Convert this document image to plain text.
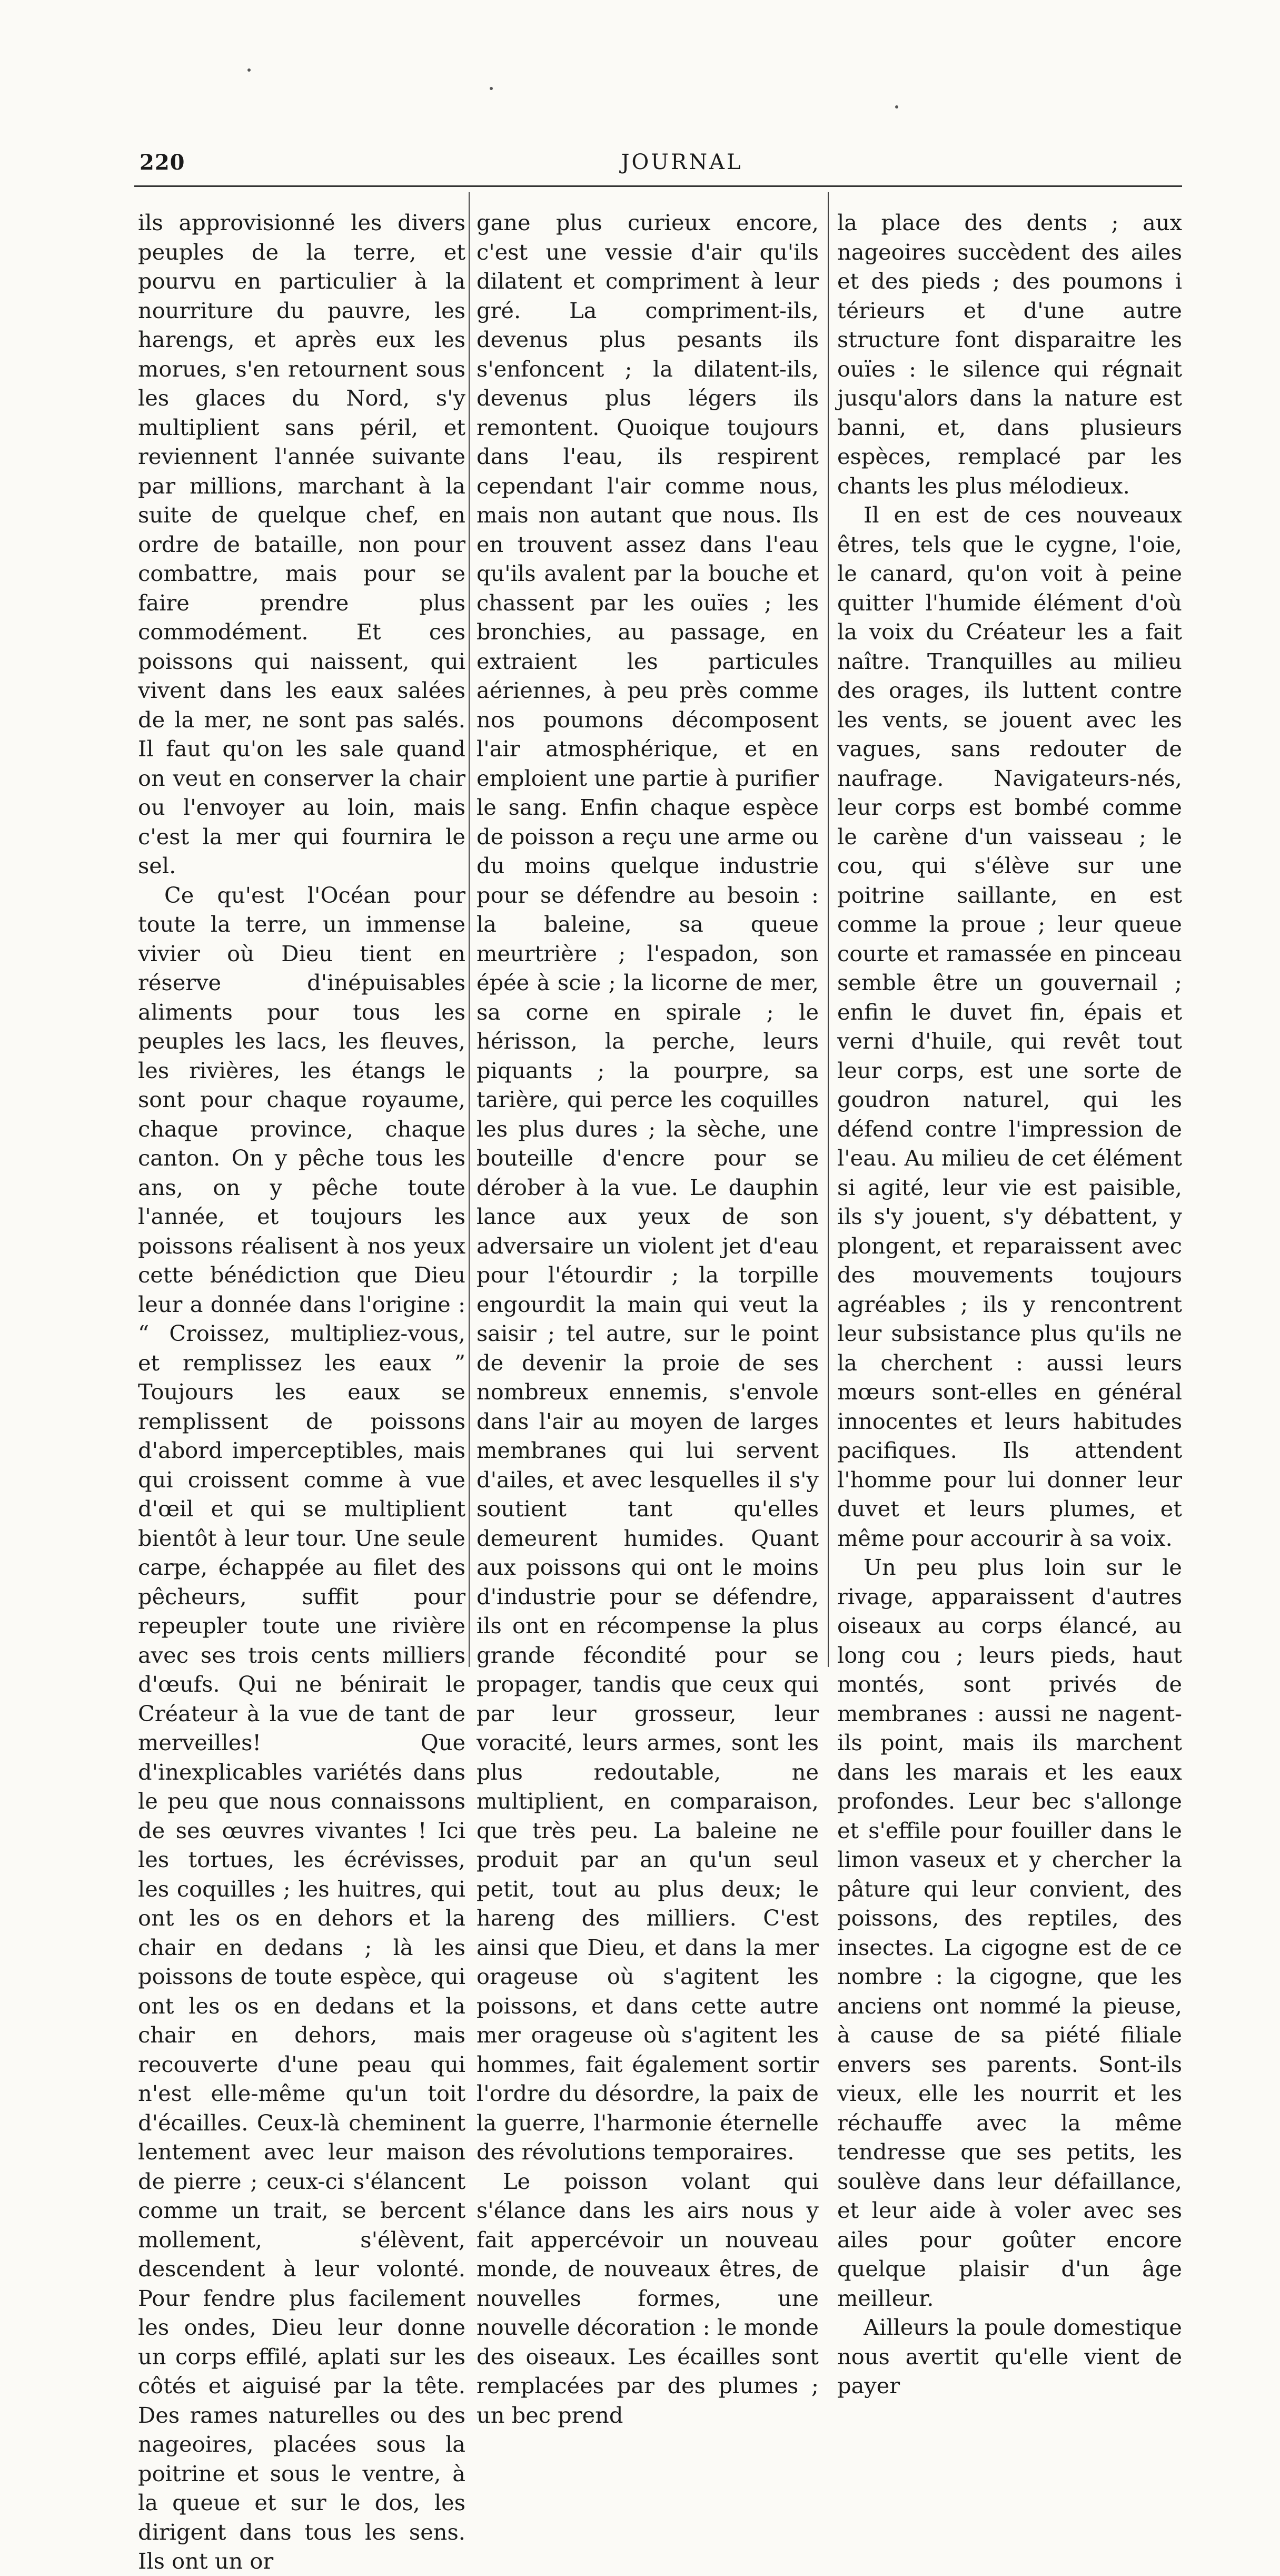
220	JOURNAL

ils approvisionné les divers peuples de la terre, et pourvu en particulier à la nourriture du pauvre, les harengs, et après eux les morues, s'en retournent sous les glaces du Nord, s'y multiplient sans péril, et reviennent l'année suivante par millions, marchant à la suite de quelque chef, en ordre de bataille, non pour combattre, mais pour se faire prendre plus commodément. Et ces poissons qui naissent, qui vivent dans les eaux salées de la mer, ne sont pas salés. Il faut qu'on les sale quand on veut en conserver la chair ou l'envoyer au loin, mais c'est la mer qui fournira le sel.

Ce qu'est l'Océan pour toute la terre, un immense vivier où Dieu tient en réserve d'inépuisables aliments pour tous les peuples les lacs, les fleuves, les rivières, les étangs le sont pour chaque royaume, chaque province, chaque canton. On y pêche tous les ans, on y pêche toute l'année, et toujours les poissons réalisent à nos yeux cette bénédiction que Dieu leur a donnée dans l'origine : “ Croissez, multipliez-vous, et remplissez les eaux ” Toujours les eaux se remplissent de poissons d'abord imperceptibles, mais qui croissent comme à vue d'œil et qui se multiplient bientôt à leur tour. Une seule carpe, échappée au filet des pêcheurs, suffit pour repeupler toute une rivière avec ses trois cents milliers d'œufs. Qui ne bénirait le Créateur à la vue de tant de merveilles! Que d'inexplicables variétés dans le peu que nous connaissons de ses œuvres vivantes ! Ici les tortues, les écrévisses, les coquilles ; les huitres, qui ont les os en dehors et la chair en dedans ; là les poissons de toute espèce, qui ont les os en dedans et la chair en dehors, mais recouverte d'une peau qui n'est elle-même qu'un toit d'écailles. Ceux-là cheminent lentement avec leur maison de pierre ; ceux-ci s'élancent comme un trait, se bercent mollement, s'élèvent, descendent à leur volonté. Pour fendre plus facilement les ondes, Dieu leur donne un corps effilé, aplati sur les côtés et aiguisé par la tête. Des rames naturelles ou des nageoires, placées sous la poitrine et sous le ventre, à la queue et sur le dos, les dirigent dans tous les sens. Ils ont un or

gane plus curieux encore, c'est une vessie d'air qu'ils dilatent et compriment à leur gré. La compriment-ils, devenus plus pesants ils s'enfoncent ; la dilatent-ils, devenus plus légers ils remontent. Quoique toujours dans l'eau, ils respirent cependant l'air comme nous, mais non autant que nous. Ils en trouvent assez dans l'eau qu'ils avalent par la bouche et chassent par les ouïes ; les bronchies, au passage, en extraient les particules aériennes, à peu près comme nos poumons décomposent l'air atmosphérique, et en emploient une partie à purifier le sang. Enfin chaque espèce de poisson a reçu une arme ou du moins quelque industrie pour se défendre au besoin : la baleine, sa queue meurtrière ; l'espadon, son épée à scie ; la licorne de mer, sa corne en spirale ; le hérisson, la perche, leurs piquants ; la pourpre, sa tarière, qui perce les coquilles les plus dures ; la sèche, une bouteille d'encre pour se dérober à la vue. Le dauphin lance aux yeux de son adversaire un violent jet d'eau pour l'étourdir ; la torpille engourdit la main qui veut la saisir ; tel autre, sur le point de devenir la proie de ses nombreux ennemis, s'envole dans l'air au moyen de larges membranes qui lui servent d'ailes, et avec lesquelles il s'y soutient tant qu'elles demeurent humides. Quant aux poissons qui ont le moins d'industrie pour se défendre, ils ont en récompense la plus grande fécondité pour se propager, tandis que ceux qui par leur grosseur, leur voracité, leurs armes, sont les plus redoutable, ne multiplient, en comparaison, que très peu. La baleine ne produit par an qu'un seul petit, tout au plus deux; le hareng des milliers. C'est ainsi que Dieu, et dans la mer orageuse où s'agitent les poissons, et dans cette autre mer orageuse où s'agitent les hommes, fait également sortir l'ordre du désordre, la paix de la guerre, l'harmonie éternelle des révolutions temporaires.

Le poisson volant qui s'élance dans les airs nous y fait appercévoir un nouveau monde, de nouveaux êtres, de nouvelles formes, une nouvelle décoration : le monde des oiseaux. Les écailles sont remplacées par des plumes ; un bec prend

la place des dents ; aux nageoires succèdent des ailes et des pieds ; des poumons i térieurs et d'une autre structure font disparaitre les ouïes : le silence qui régnait jusqu'alors dans la nature est banni, et, dans plusieurs espèces, remplacé par les chants les plus mélodieux.

Il en est de ces nouveaux êtres, tels que le cygne, l'oie, le canard, qu'on voit à peine quitter l'humide élément d'où la voix du Créateur les a fait naître. Tranquilles au milieu des orages, ils luttent contre les vents, se jouent avec les vagues, sans redouter de naufrage. Navigateurs-nés, leur corps est bombé comme le carène d'un vaisseau ; le cou, qui s'élève sur une poitrine saillante, en est comme la proue ; leur queue courte et ramassée en pinceau semble être un gouvernail ; enfin le duvet fin, épais et verni d'huile, qui revêt tout leur corps, est une sorte de goudron naturel, qui les défend contre l'impression de l'eau. Au milieu de cet élément si agité, leur vie est paisible, ils s'y jouent, s'y débattent, y plongent, et reparaissent avec des mouvements toujours agréables ; ils y rencontrent leur subsistance plus qu'ils ne la cherchent : aussi leurs mœurs sont-elles en général innocentes et leurs habitudes pacifiques. Ils attendent l'homme pour lui donner leur duvet et leurs plumes, et même pour accourir à sa voix.

Un peu plus loin sur le rivage, apparaissent d'autres oiseaux au corps élancé, au long cou ; leurs pieds, haut montés, sont privés de membranes : aussi ne nagent-ils point, mais ils marchent dans les marais et les eaux profondes. Leur bec s'allonge et s'effile pour fouiller dans le limon vaseux et y chercher la pâture qui leur convient, des poissons, des reptiles, des insectes. La cigogne est de ce nombre : la cigogne, que les anciens ont nommé la pieuse, à cause de sa piété filiale envers ses parents. Sont-ils vieux, elle les nourrit et les réchauffe avec la même tendresse que ses petits, les soulève dans leur défaillance, et leur aide à voler avec ses ailes pour goûter encore quelque plaisir d'un âge meilleur.

Ailleurs la poule domestique nous avertit qu'elle vient de payer
